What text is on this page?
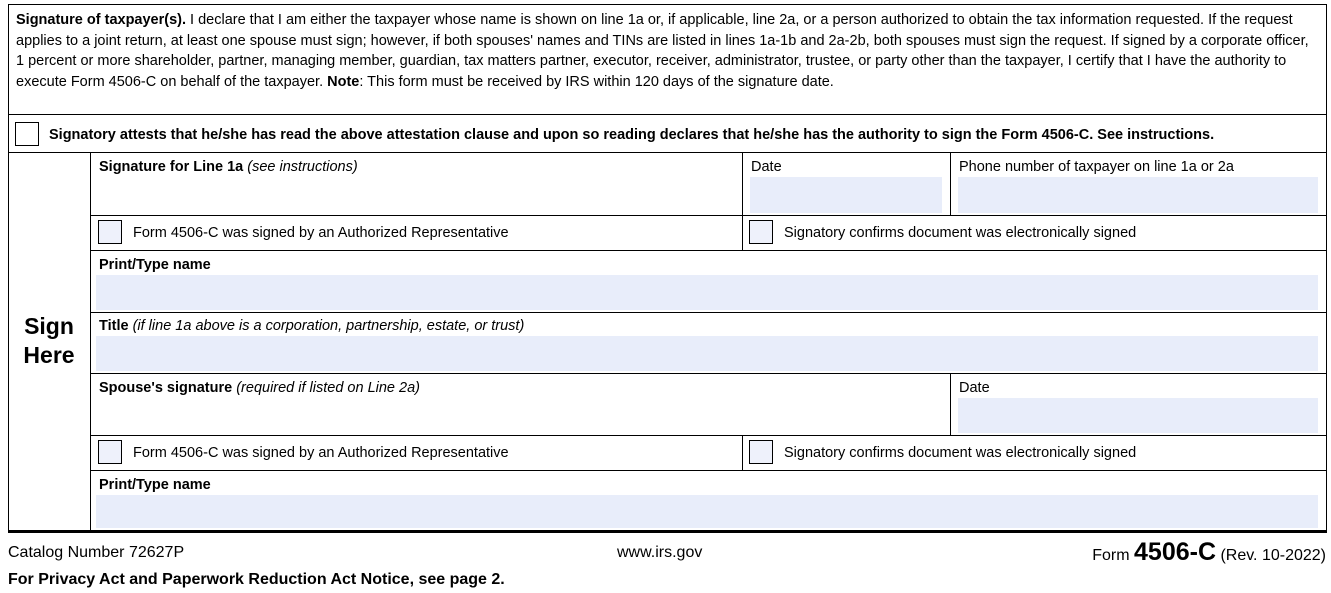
Signature of taxpayer(s). I declare that I am either the taxpayer whose name is shown on line 1a or, if applicable, line 2a, or a person authorized to obtain the tax information requested. If the request applies to a joint return, at least one spouse must sign; however, if both spouses' names and TINs are listed in lines 1a-1b and 2a-2b, both spouses must sign the request. If signed by a corporate officer, 1 percent or more shareholder, partner, managing member, guardian, tax matters partner, executor, receiver, administrator, trustee, or party other than the taxpayer, I certify that I have the authority to execute Form 4506-C on behalf of the taxpayer. Note: This form must be received by IRS within 120 days of the signature date.
Signatory attests that he/she has read the above attestation clause and upon so reading declares that he/she has the authority to sign the Form 4506-C. See instructions.
Sign
Here
Signature for Line 1a (see instructions)	Date	Phone number of taxpayer on line 1a or 2a
Form 4506-C was signed by an Authorized Representative	Signatory confirms document was electronically signed
Print/Type name
Title (if line 1a above is a corporation, partnership, estate, or trust)
Spouse's signature (required if listed on Line 2a)	Date
Form 4506-C was signed by an Authorized Representative	Signatory confirms document was electronically signed
Print/Type name
Catalog Number 72627P	www.irs.gov	Form 4506-C (Rev. 10-2022)
For Privacy Act and Paperwork Reduction Act Notice, see page 2.
